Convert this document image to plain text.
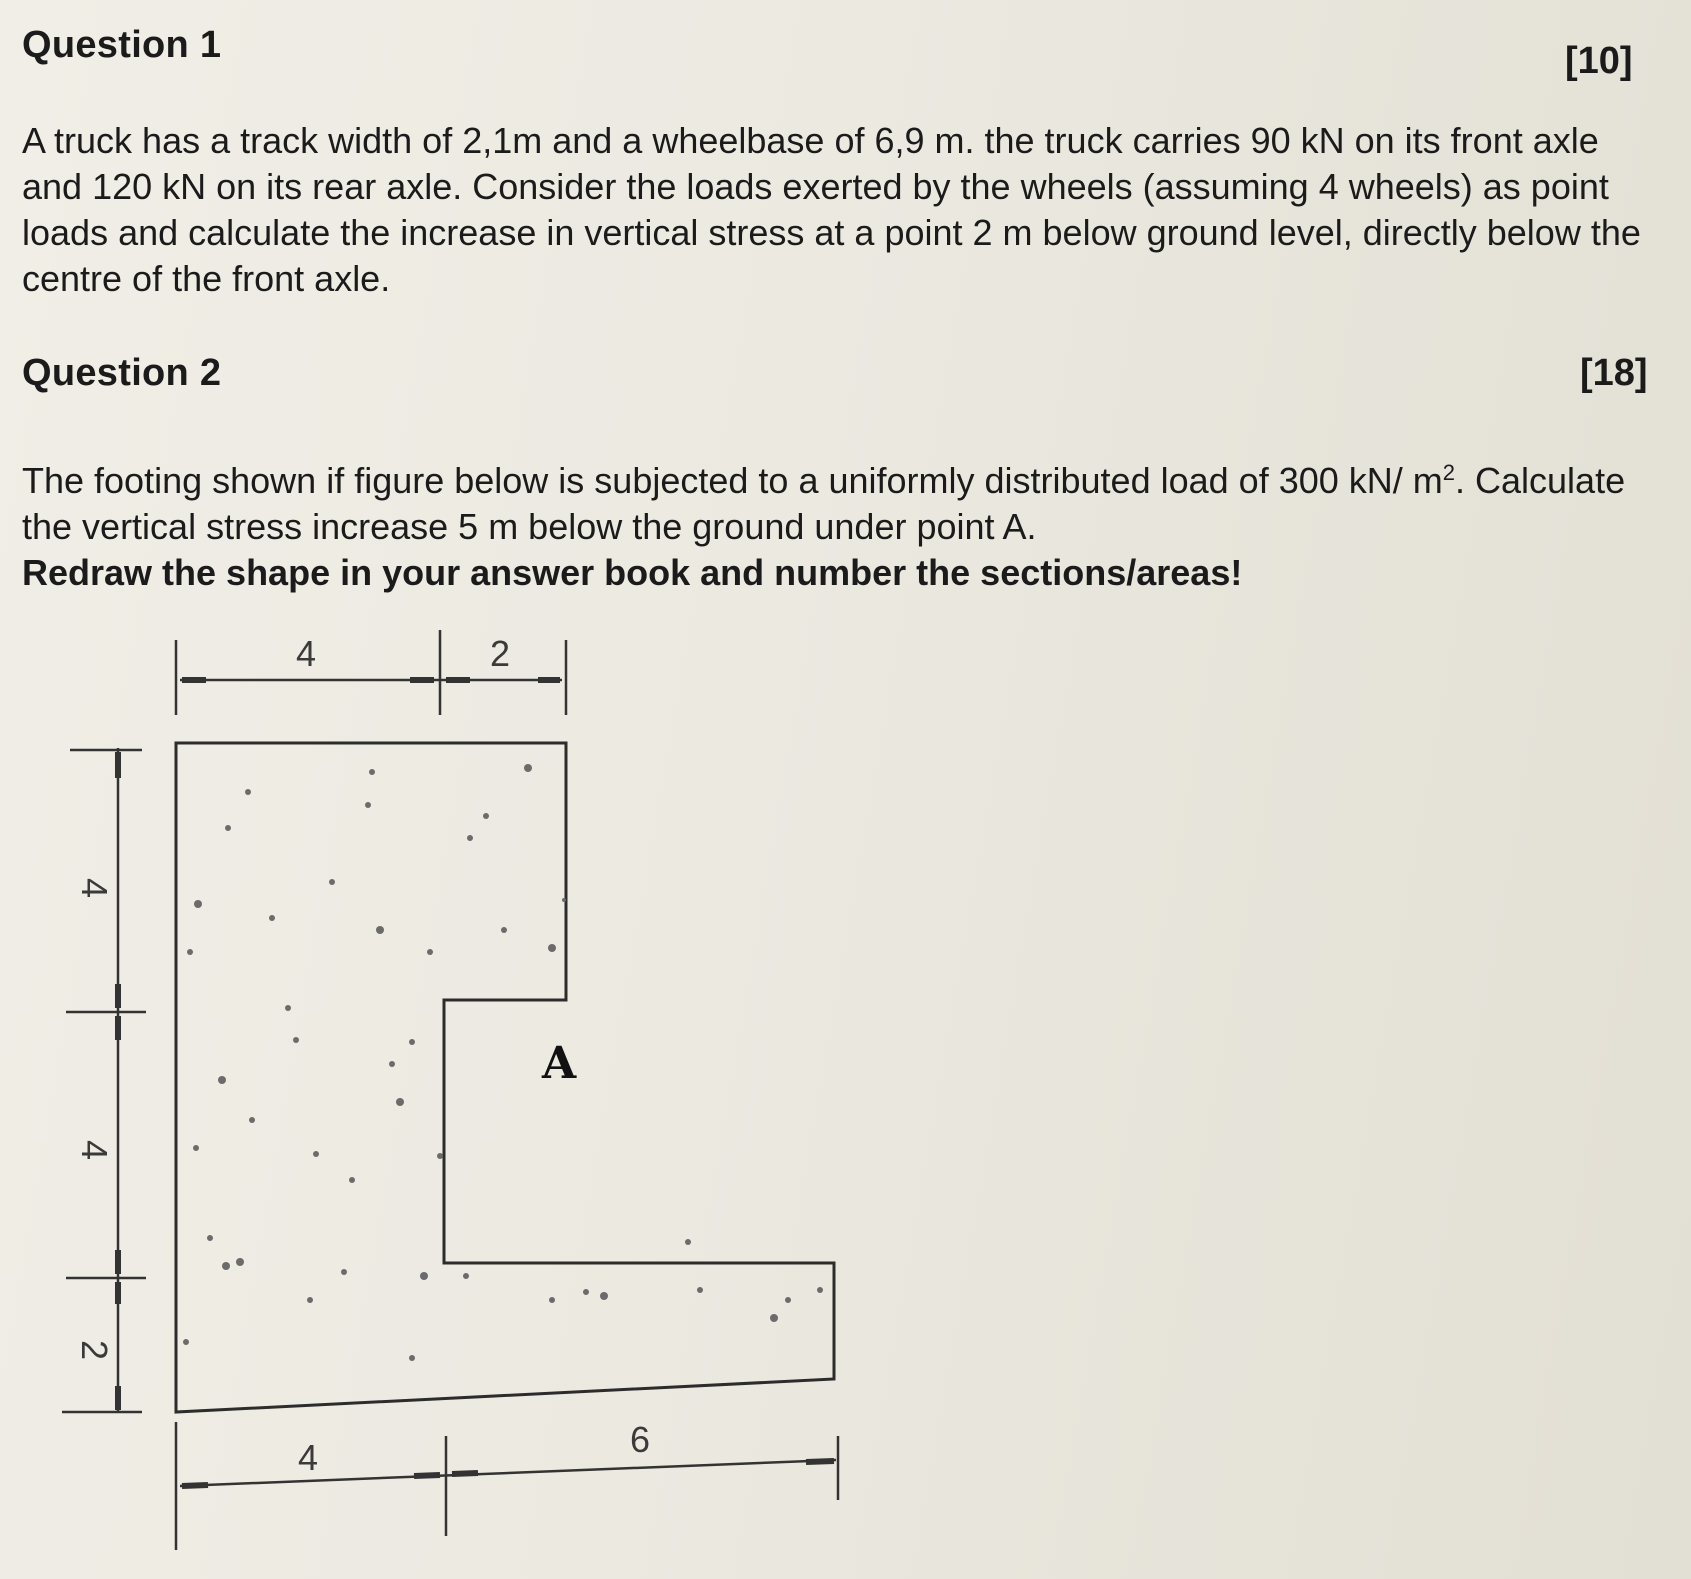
Question 1	[10]

A truck has a track width of 2,1m and a wheelbase of 6,9 m. the truck carries 90 kN on its front axle and 120 kN on its rear axle. Consider the loads exerted by the wheels (assuming 4 wheels) as point loads and calculate the increase in vertical stress at a point 2 m below ground level, directly below the centre of the front axle.

Question 2	[18]

The footing shown if figure below is subjected to a uniformly distributed load of 300 kN/ $m^2$. Calculate the vertical stress increase 5 m below the ground under point A.

Redraw the shape in your answer book and number the sections/areas!

4	2
4
4
2
A
4	6
